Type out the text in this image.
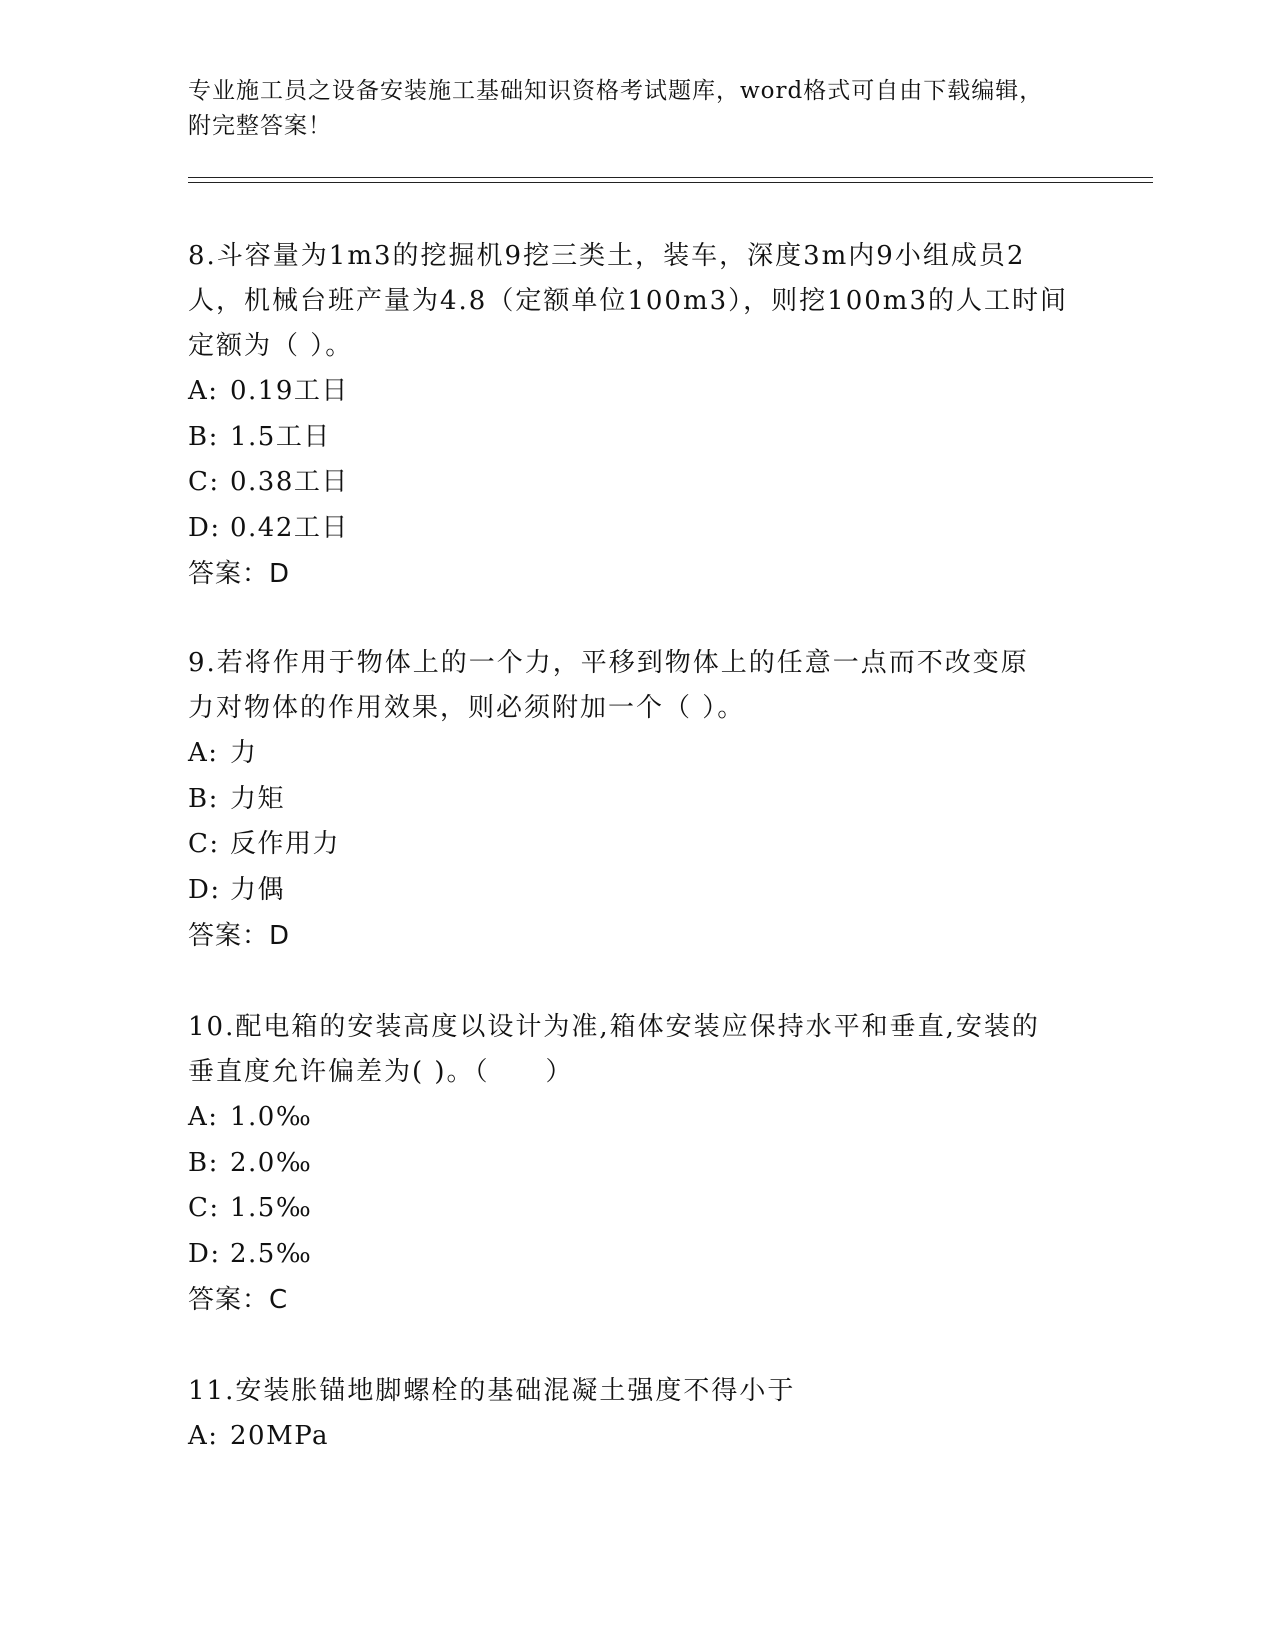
专业施工员之设备安装施工基础知识资格考试题库，word格式可自由下载编辑，
附完整答案！
8.斗容量为1m3的挖掘机9挖三类土，装车，深度3m内9小组成员2
人，机械台班产量为4.8（定额单位100m3），则挖100m3的人工时间
定额为（ ）。
A: 0.19工日
B: 1.5工日
C: 0.38工日
D: 0.42工日
答案：D
9.若将作用于物体上的一个力，平移到物体上的任意一点而不改变原
力对物体的作用效果，则必须附加一个（ ）。
A: 力
B: 力矩
C: 反作用力
D: 力偶
答案：D
10.配电箱的安装高度以设计为准,箱体安装应保持水平和垂直,安装的
垂直度允许偏差为( )。（　　）
A: 1.0‰
B: 2.0‰
C: 1.5‰
D: 2.5‰
答案：C
11.安装胀锚地脚螺栓的基础混凝土强度不得小于
A: 20MPa
